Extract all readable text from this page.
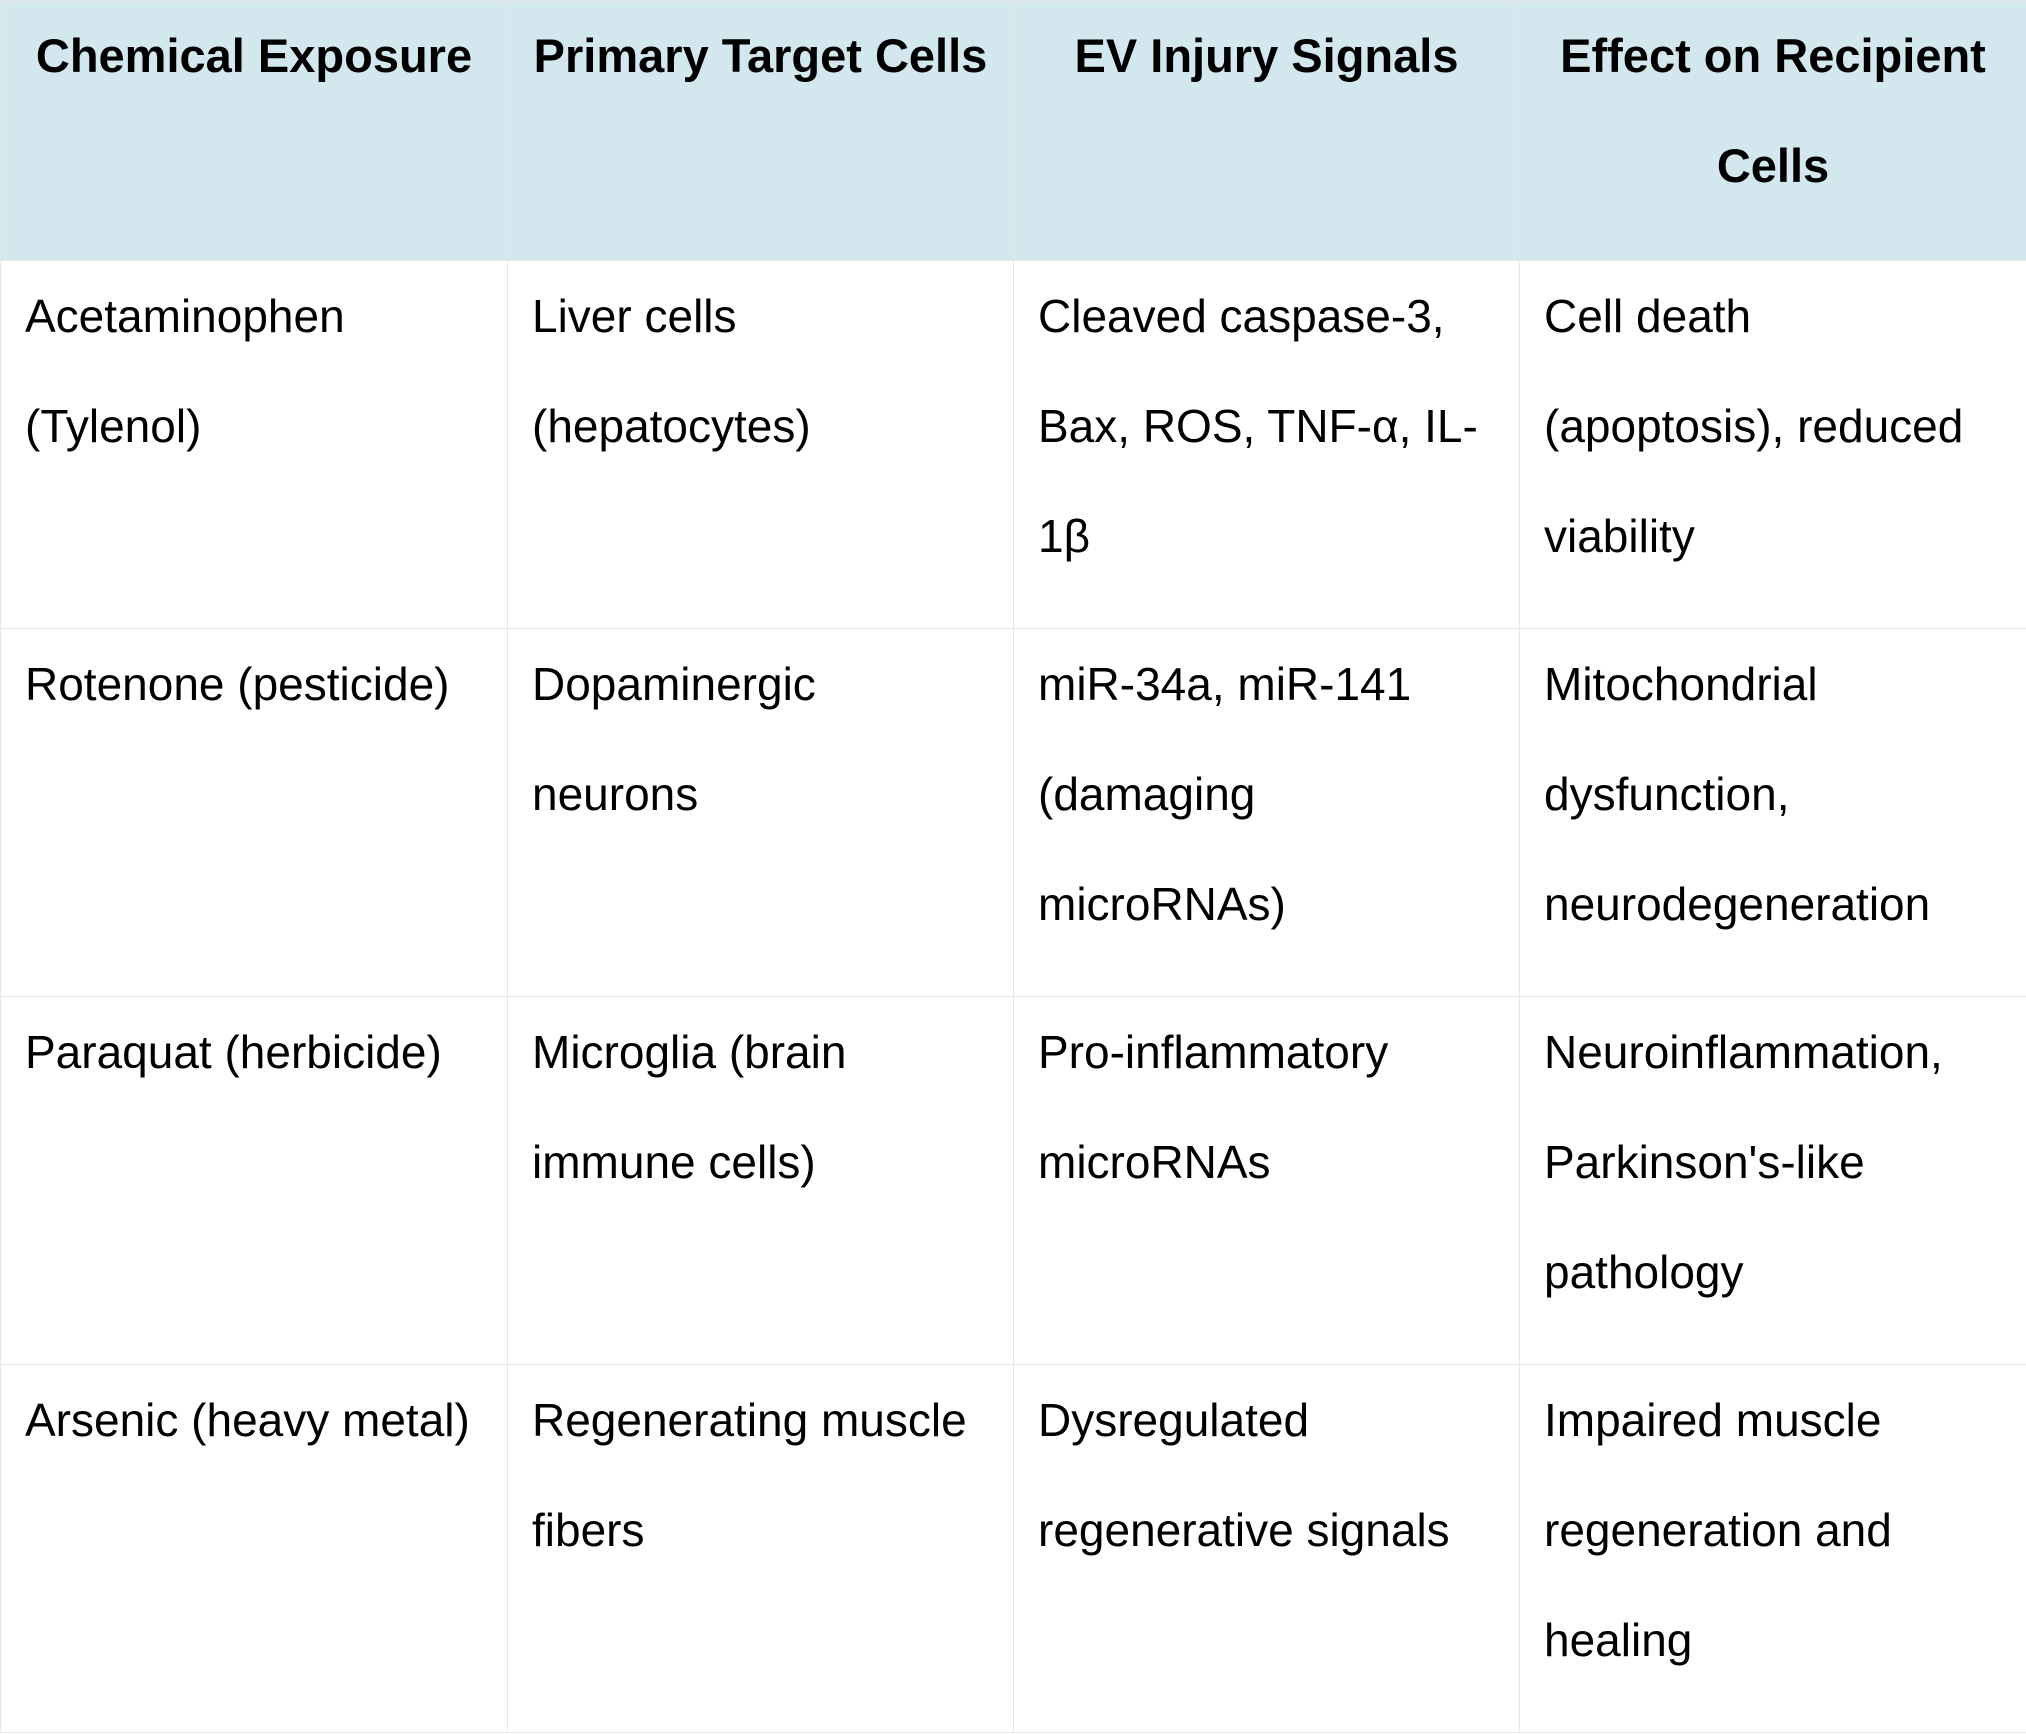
Chemical Exposure	Primary Target Cells	EV Injury Signals	Effect on Recipient Cells
Acetaminophen (Tylenol)	Liver cells (hepatocytes)	Cleaved caspase-3, Bax, ROS, TNF-α, IL-1β	Cell death (apoptosis), reduced viability
Rotenone (pesticide)	Dopaminergic neurons	miR-34a, miR-141 (damaging microRNAs)	Mitochondrial dysfunction, neurodegeneration
Paraquat (herbicide)	Microglia (brain immune cells)	Pro-inflammatory microRNAs	Neuroinflammation, Parkinson's-like pathology
Arsenic (heavy metal)	Regenerating muscle fibers	Dysregulated regenerative signals	Impaired muscle regeneration and healing
